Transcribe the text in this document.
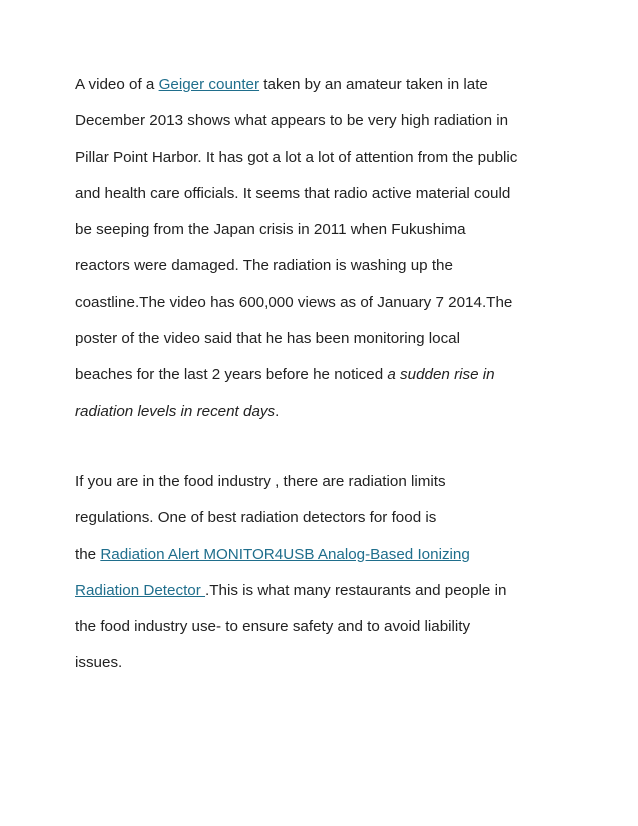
A video of a Geiger counter taken by an amateur taken in late
December 2013 shows what appears to be very high radiation in
Pillar Point Harbor. It has got a lot a lot of attention from the public
and health care officials. It seems that radio active material could
be seeping from the Japan crisis in 2011 when Fukushima
reactors were damaged. The radiation is washing up the
coastline.The video has 600,000 views as of January 7 2014.The
poster of the video said that he has been monitoring local
beaches for the last 2 years before he noticed a sudden rise in
radiation levels in recent days.

If you are in the food industry , there are radiation limits
regulations. One of best radiation detectors for food is
the Radiation Alert MONITOR4USB Analog-Based Ionizing
Radiation Detector .This is what many restaurants and people in
the food industry use- to ensure safety and to avoid liability
issues.
